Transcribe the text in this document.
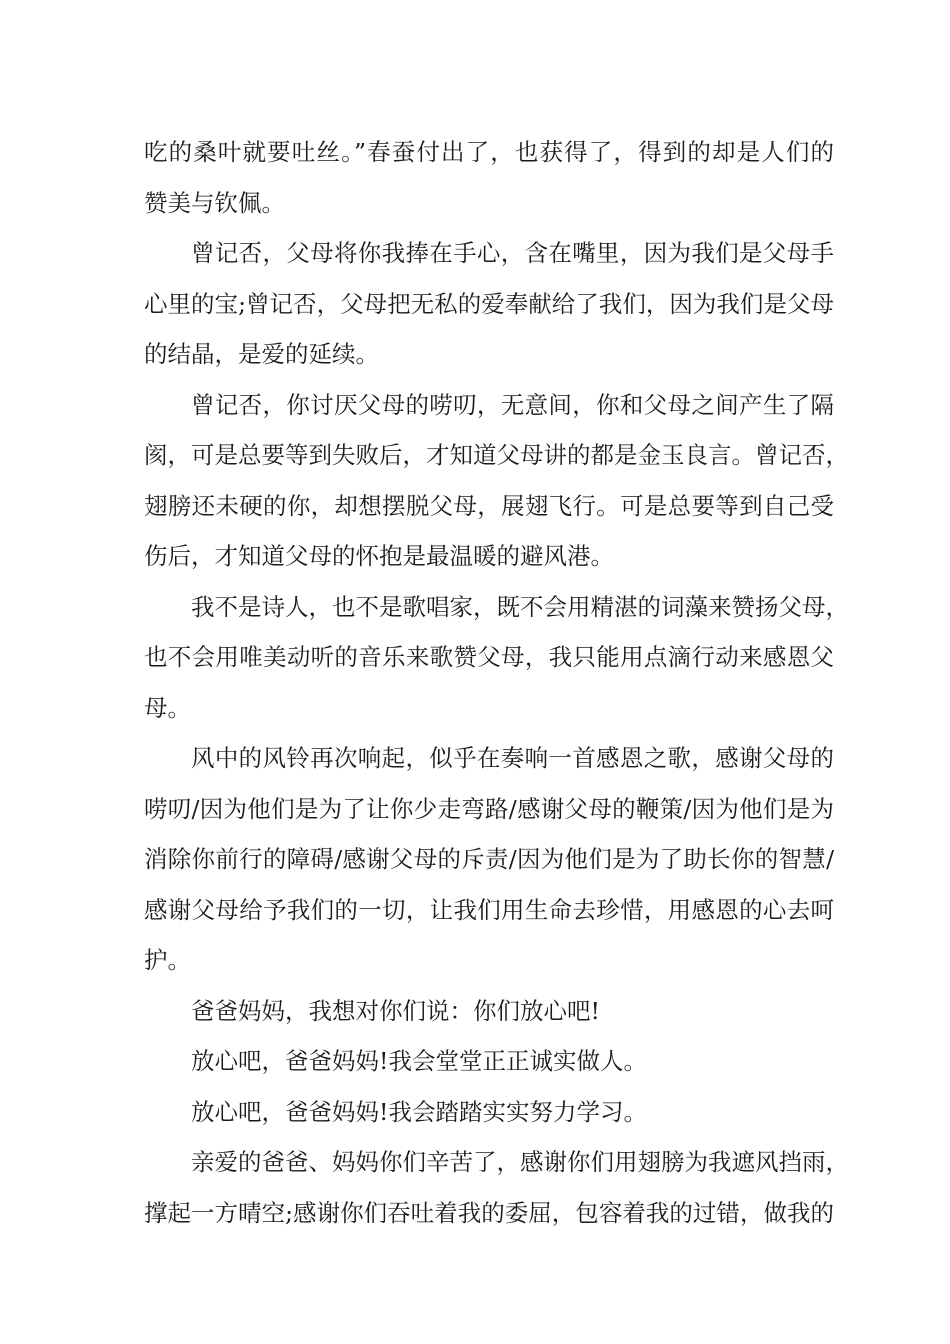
吃的桑叶就要吐丝。”春蚕付出了，也获得了，得到的却是人们的
赞美与钦佩。
曾记否，父母将你我捧在手心，含在嘴里，因为我们是父母手
心里的宝;曾记否，父母把无私的爱奉献给了我们，因为我们是父母
的结晶，是爱的延续。
曾记否，你讨厌父母的唠叨，无意间，你和父母之间产生了隔
阂，可是总要等到失败后，才知道父母讲的都是金玉良言。曾记否，
翅膀还未硬的你，却想摆脱父母，展翅飞行。可是总要等到自己受
伤后，才知道父母的怀抱是最温暖的避风港。
我不是诗人，也不是歌唱家，既不会用精湛的词藻来赞扬父母，
也不会用唯美动听的音乐来歌赞父母，我只能用点滴行动来感恩父
母。
风中的风铃再次响起，似乎在奏响一首感恩之歌，感谢父母的
唠叨/因为他们是为了让你少走弯路/感谢父母的鞭策/因为他们是为
消除你前行的障碍/感谢父母的斥责/因为他们是为了助长你的智慧/
感谢父母给予我们的一切，让我们用生命去珍惜，用感恩的心去呵
护。
爸爸妈妈，我想对你们说：你们放心吧!
放心吧，爸爸妈妈!我会堂堂正正诚实做人。
放心吧，爸爸妈妈!我会踏踏实实努力学习。
亲爱的爸爸、妈妈你们辛苦了，感谢你们用翅膀为我遮风挡雨，
撑起一方晴空;感谢你们吞吐着我的委屈，包容着我的过错，做我的
